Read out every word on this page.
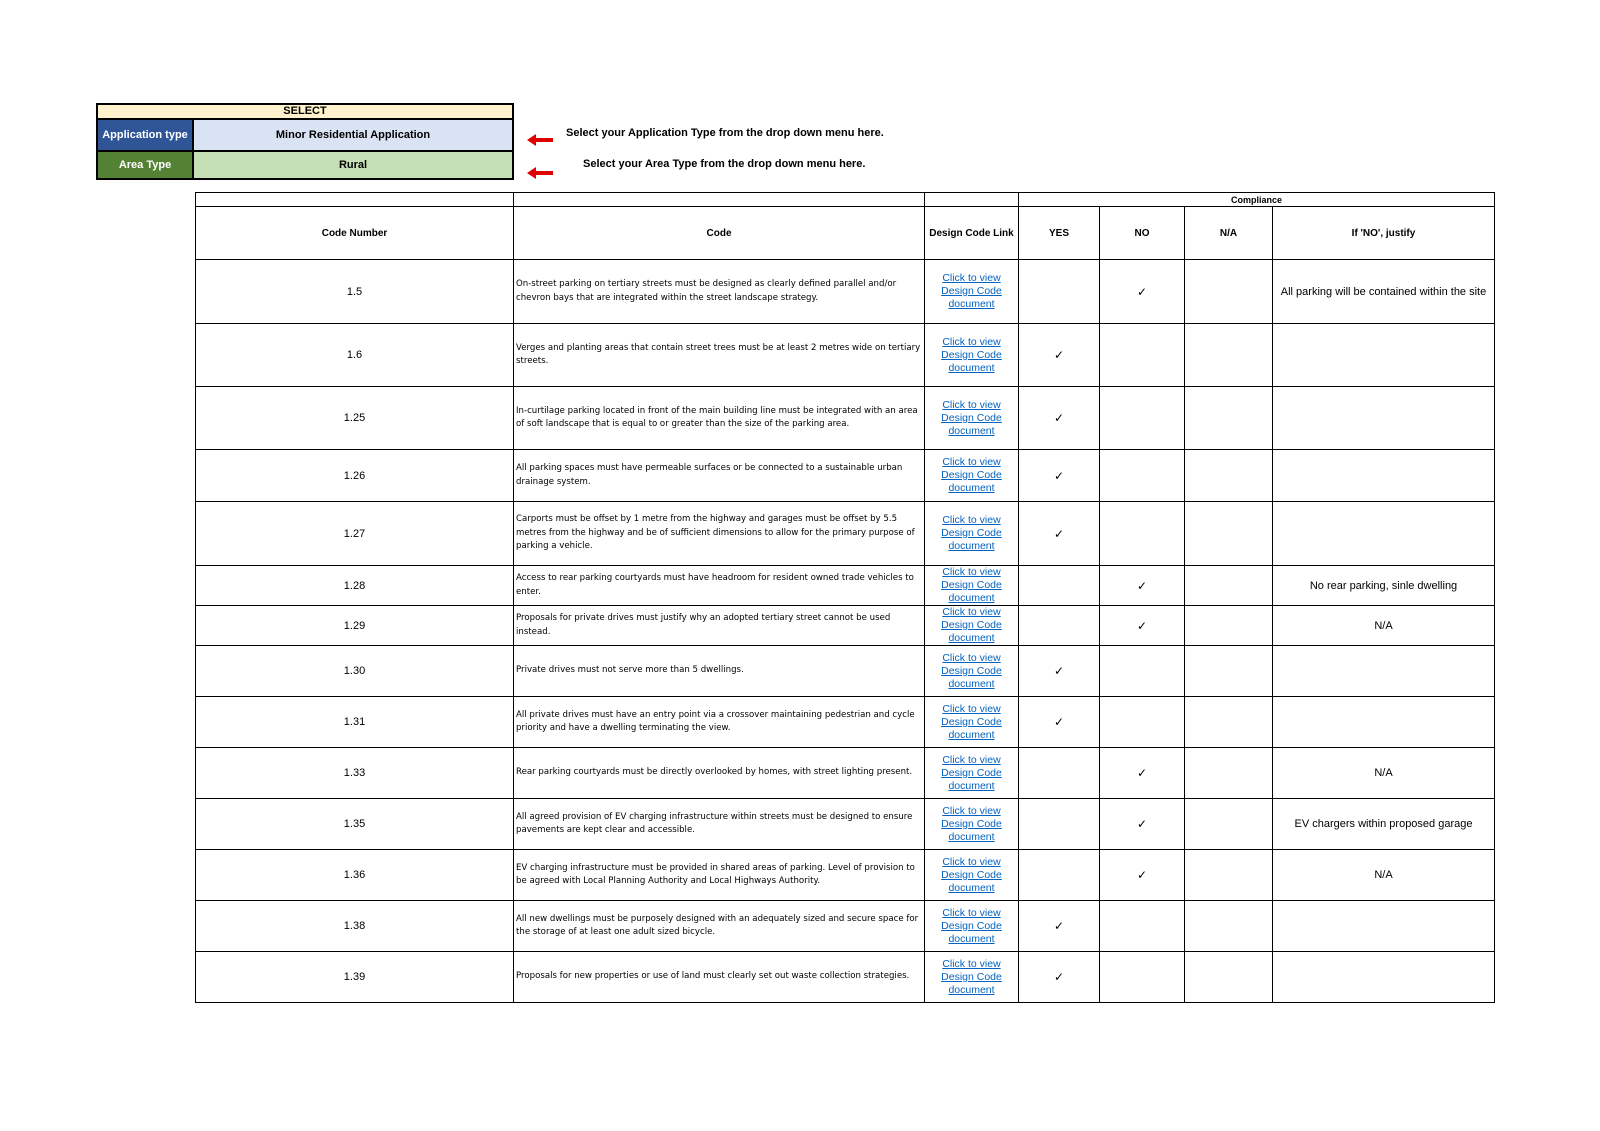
SELECT	
Application type	Minor Residential Application
Area Type	Rural
Select your Application Type from the drop down menu here.
Select your Area Type from the drop down menu here.
			Compliance			
Code Number	Code	Design Code Link	YES	NO	N/A	If 'NO', justify
1.5	On-street parking on tertiary streets must be designed as clearly defined parallel and/or chevron bays that are integrated within the street landscape strategy.	Click to view
Design Code
document		✓		All parking will be contained within the site
1.6	Verges and planting areas that contain street trees must be at least 2 metres wide on tertiary streets.	Click to view
Design Code
document	✓			
1.25	In-curtilage parking located in front of the main building line must be integrated with an area of soft landscape that is equal to or greater than the size of the parking area.	Click to view
Design Code
document	✓			
1.26	All parking spaces must have permeable surfaces or be connected to a sustainable urban drainage system.	Click to view
Design Code
document	✓			
1.27	Carports must be offset by 1 metre from the highway and garages must be offset by 5.5 metres from the highway and be of sufficient dimensions to allow for the primary purpose of parking a vehicle.	Click to view
Design Code
document	✓			
1.28	Access to rear parking courtyards must have headroom for resident owned trade vehicles to enter.	Click to view
Design Code
document		✓		No rear parking, sinle dwelling
1.29	Proposals for private drives must justify why an adopted tertiary street cannot be used instead.	Click to view
Design Code
document		✓		N/A
1.30	Private drives must not serve more than 5 dwellings.	Click to view
Design Code
document	✓			
1.31	All private drives must have an entry point via a crossover maintaining pedestrian and cycle priority and have a dwelling terminating the view.	Click to view
Design Code
document	✓			
1.33	Rear parking courtyards must be directly overlooked by homes, with street lighting present.	Click to view
Design Code
document		✓		N/A
1.35	All agreed provision of EV charging infrastructure within streets must be designed to ensure pavements are kept clear and accessible.	Click to view
Design Code
document		✓		EV chargers within proposed garage
1.36	EV charging infrastructure must be provided in shared areas of parking. Level of provision to be agreed with Local Planning Authority and Local Highways Authority.	Click to view
Design Code
document		✓		N/A
1.38	All new dwellings must be purposely designed with an adequately sized and secure space for the storage of at least one adult sized bicycle.	Click to view
Design Code
document	✓			
1.39	Proposals for new properties or use of land must clearly set out waste collection strategies.	Click to view
Design Code
document	✓			
